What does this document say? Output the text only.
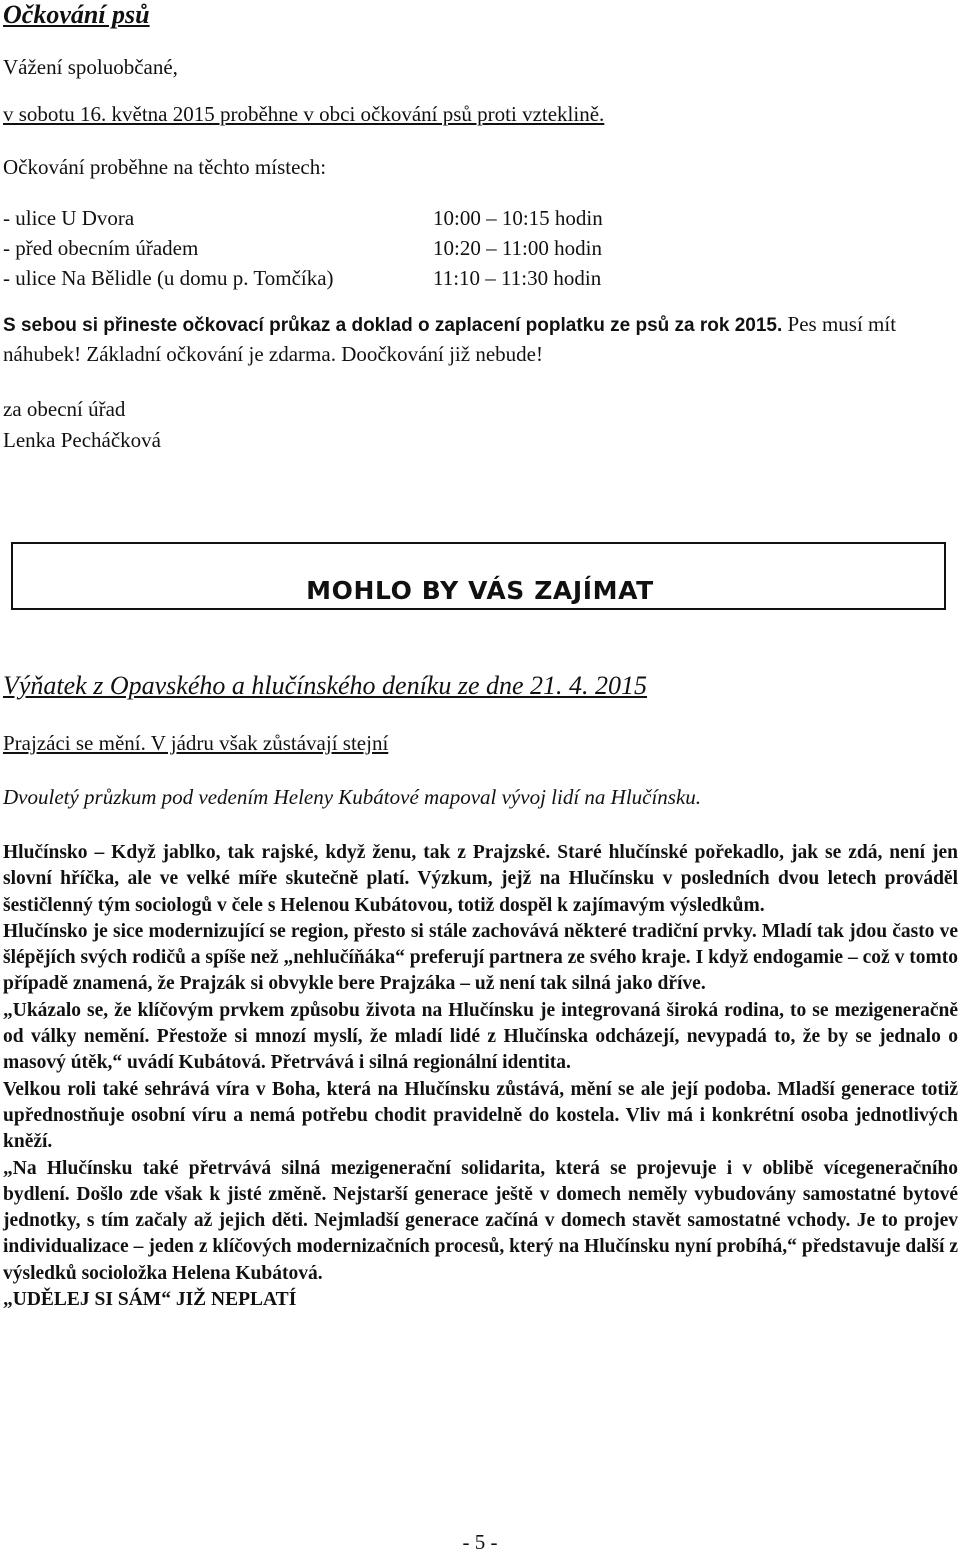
Očkování psů
Vážení spoluobčané,
v sobotu 16. května 2015 proběhne v obci očkování psů proti vzteklině.
Očkování proběhne na těchto místech:
- ulice U Dvora	10:00 – 10:15 hodin
- před obecním úřadem	10:20 – 11:00 hodin
- ulice Na Bělidle (u domu p. Tomčíka)	11:10 – 11:30 hodin
S sebou si přineste očkovací průkaz a doklad o zaplacení poplatku ze psů za rok 2015. Pes musí mít náhubek! Základní očkování je zdarma. Doočkování již nebude!
za obecní úřad
Lenka Pecháčková
MOHLO BY VÁS ZAJÍMAT
Výňatek z Opavského a hlučínského deníku ze dne 21. 4. 2015
Prajzáci se mění. V jádru však zůstávají stejní
Dvouletý průzkum pod vedením Heleny Kubátové mapoval vývoj lidí na Hlučínsku.

Hlučínsko – Když jablko, tak rajské, když ženu, tak z Prajzské. Staré hlučínské pořekadlo, jak se zdá, není jen slovní hříčka, ale ve velké míře skutečně platí. Výzkum, jejž na Hlučínsku v posledních dvou letech prováděl šestičlenný tým sociologů v čele s Helenou Kubátovou, totiž dospěl k zajímavým výsledkům.

Hlučínsko je sice modernizující se region, přesto si stále zachovává některé tradiční prvky. Mladí tak jdou často ve šlépějích svých rodičů a spíše než „nehlučíňáka“ preferují partnera ze svého kraje. I když endogamie – což v tomto případě znamená, že Prajzák si obvykle bere Prajzáka – už není tak silná jako dříve.

„Ukázalo se, že klíčovým prvkem způsobu života na Hlučínsku je integrovaná široká rodina, to se mezigeneračně od války nemění. Přestože si mnozí myslí, že mladí lidé z Hlučínska odcházejí, nevypadá to, že by se jednalo o masový útěk,“ uvádí Kubátová. Přetrvává i silná regionální identita.

Velkou roli také sehrává víra v Boha, která na Hlučínsku zůstává, mění se ale její podoba. Mladší generace totiž upřednostňuje osobní víru a nemá potřebu chodit pravidelně do kostela. Vliv má i konkrétní osoba jednotlivých kněží.

„Na Hlučínsku také přetrvává silná mezigenerační solidarita, která se projevuje i v oblibě vícegeneračního bydlení. Došlo zde však k jisté změně. Nejstarší generace ještě v domech neměly vybudovány samostatné bytové jednotky, s tím začaly až jejich děti. Nejmladší generace začíná v domech stavět samostatné vchody. Je to projev individualizace – jeden z klíčových modernizačních procesů, který na Hlučínsku nyní probíhá,“ představuje další z výsledků socioložka Helena Kubátová.

„UDĚLEJ SI SÁM“ JIŽ NEPLATÍ

- 5 -
